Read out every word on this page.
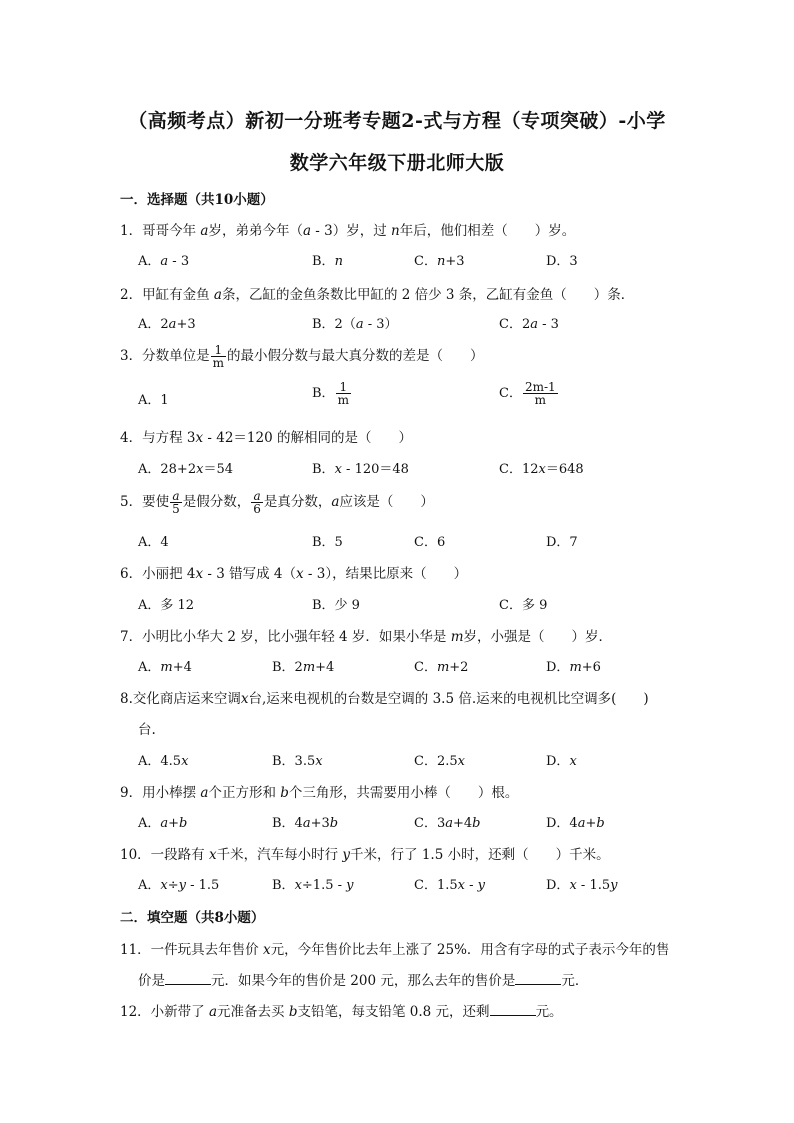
（高频考点）新初一分班考专题2-式与方程（专项突破）-小学
数学六年级下册北师大版
一．选择题（共10小题）
1．哥哥今年 a岁，弟弟今年（a - 3）岁，过 n年后，他们相差（　　）岁。
A．a - 3	B．n	C．n+3	D．3
2．甲缸有金鱼 a条，乙缸的金鱼条数比甲缸的 2 倍少 3 条，乙缸有金鱼（　　）条．
A．2a+3	B．2（a - 3）	C．2a - 3
3．分数单位是 $\frac{1}{m}$ 的最小假分数与最大真分数的差是（　　）
A．1	B． $\frac{1}{m}$	C． $\frac{2m-1}{m}$
4．与方程 3x - 42＝120 的解相同的是（　　）
A．28+2x＝54	B．x - 120＝48	C．12x＝648
5．要使 $\frac{a}{5}$ 是假分数， $\frac{a}{6}$ 是真分数，a应该是（　　）
A．4	B．5	C．6	D．7
6．小丽把 4x - 3 错写成 4（x - 3），结果比原来（　　）
A．多 12	B．少 9	C．多 9
7．小明比小华大 2 岁，比小强年轻 4 岁．如果小华是 m岁，小强是（　　）岁．
A．m+4	B．2m+4	C．m+2	D．m+6
8.交化商店运来空调x台,运来电视机的台数是空调的 3.5 倍.运来的电视机比空调多(　　)
台.
A．4.5x	B．3.5x	C．2.5x	D．x
9．用小棒摆 a个正方形和 b个三角形，共需要用小棒（　　）根。
A．a+b	B．4a+3b	C．3a+4b	D．4a+b
10．一段路有 x千米，汽车每小时行 y千米，行了 1.5 小时，还剩（　　）千米。
A．x÷y - 1.5	B．x÷1.5 - y	C．1.5x - y	D．x - 1.5y
二．填空题（共8小题）
11．一件玩具去年售价 x元，今年售价比去年上涨了 25%．用含有字母的式子表示今年的售
价是	元．如果今年的售价是 200 元，那么去年的售价是	元．
12．小新带了 a元准备去买 b支铅笔，每支铅笔 0.8 元，还剩	元。
